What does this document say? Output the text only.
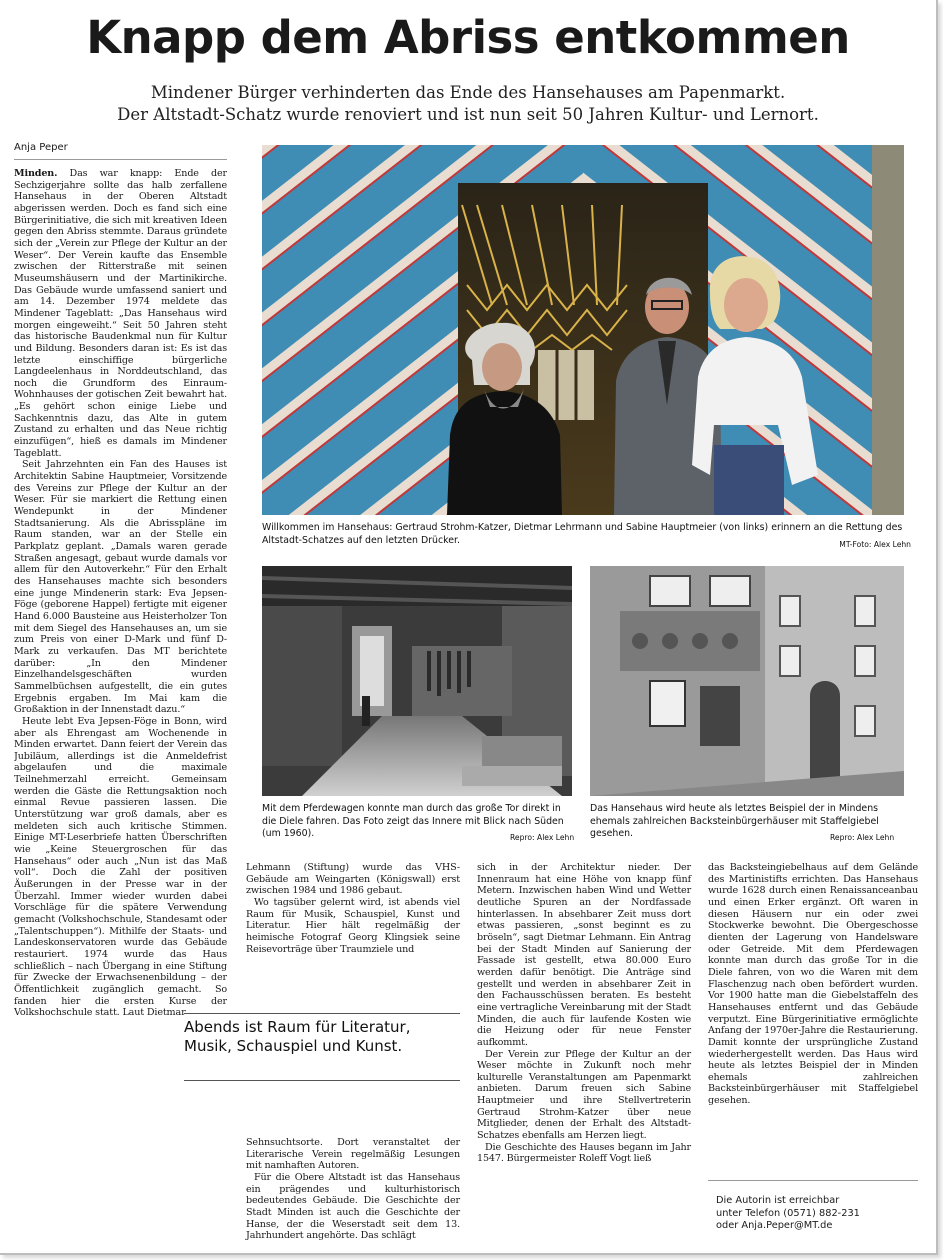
Knapp dem Abriss entkommen
Mindener Bürger verhinderten das Ende des Hansehauses am Papenmarkt.
Der Altstadt-Schatz wurde renoviert und ist nun seit 50 Jahren Kultur- und Lernort.
Anja Peper

Minden. Das war knapp: Ende der Sechzigerjahre sollte das halb zerfallene Hansehaus in der Oberen Altstadt abgerissen werden. Doch es fand sich eine Bürgerinitiative, die sich mit kreativen Ideen gegen den Abriss stemmte. Daraus gründete sich der „Verein zur Pflege der Kultur an der Weser“. Der Verein kaufte das Ensemble zwischen der Ritterstraße mit seinen Museumshäusern und der Martinikirche. Das Gebäude wurde umfassend saniert und am 14. Dezember 1974 meldete das Mindener Tageblatt: „Das Hansehaus wird morgen eingeweiht.“ Seit 50 Jahren steht das historische Baudenkmal nun für Kultur und Bildung. Besonders daran ist: Es ist das letzte einschiffige bürgerliche Langdeelenhaus in Norddeutschland, das noch die Grundform des Einraum-Wohnhauses der gotischen Zeit bewahrt hat. „Es gehört schon einige Liebe und Sachkenntnis dazu, das Alte in gutem Zustand zu erhalten und das Neue richtig einzufügen“, hieß es damals im Mindener Tageblatt.

Seit Jahrzehnten ein Fan des Hauses ist Architektin Sabine Hauptmeier, Vorsitzende des Vereins zur Pflege der Kultur an der Weser. Für sie markiert die Rettung einen Wendepunkt in der Mindener Stadtsanierung. Als die Abrisspläne im Raum standen, war an der Stelle ein Parkplatz geplant. „Damals waren gerade Straßen angesagt, gebaut wurde damals vor allem für den Autoverkehr.“ Für den Erhalt des Hansehauses machte sich besonders eine junge Mindenerin stark: Eva Jepsen-Föge (geborene Happel) fertigte mit eigener Hand 6.000 Bausteine aus Heisterholzer Ton mit dem Siegel des Hansehauses an, um sie zum Preis von einer D-Mark und fünf D-Mark zu verkaufen. Das MT berichtete darüber: „In den Mindener Einzelhandelsgeschäften wurden Sammelbüchsen aufgestellt, die ein gutes Ergebnis ergaben. Im Mai kam die Großaktion in der Innenstadt dazu.“

Heute lebt Eva Jepsen-Föge in Bonn, wird aber als Ehrengast am Wochenende in Minden erwartet. Dann feiert der Verein das Jubiläum, allerdings ist die Anmeldefrist abgelaufen und die maximale Teilnehmerzahl erreicht. Gemeinsam werden die Gäste die Rettungsaktion noch einmal Revue passieren lassen. Die Unterstützung war groß damals, aber es meldeten sich auch kritische Stimmen. Einige MT-Leserbriefe hatten Überschriften wie „Keine Steuergroschen für das Hansehaus“ oder auch „Nun ist das Maß voll“. Doch die Zahl der positiven Äußerungen in der Presse war in der Überzahl. Immer wieder wurden dabei Vorschläge für die spätere Verwendung gemacht (Volkshochschule, Standesamt oder „Talentschuppen“). Mithilfe der Staats- und Landeskonservatoren wurde das Gebäude restauriert. 1974 wurde das Haus schließlich – nach Übergang in eine Stiftung für Zwecke der Erwachsenenbildung – der Öffentlichkeit zugänglich gemacht. So fanden hier die ersten Kurse der Volkshochschule statt. Laut Dietmar

Willkommen im Hansehaus: Gertraud Strohm-Katzer, Dietmar Lehrmann und Sabine Hauptmeier (von links) erinnern an die Rettung des Altstadt-Schatzes auf den letzten Drücker.	MT-Foto: Alex Lehn
Mit dem Pferdewagen konnte man durch das große Tor direkt in die Diele fahren. Das Foto zeigt das Innere mit Blick nach Süden (um 1960).	Repro: Alex Lehn
Das Hansehaus wird heute als letztes Beispiel der in Mindens ehemals zahlreichen Backsteinbürgerhäuser mit Staffelgiebel gesehen.	Repro: Alex Lehn

Lehmann (Stiftung) wurde das VHS-Gebäude am Weingarten (Königswall) erst zwischen 1984 und 1986 gebaut.

Wo tagsüber gelernt wird, ist abends viel Raum für Musik, Schauspiel, Kunst und Literatur. Hier hält regelmäßig der heimische Fotograf Georg Klingsiek seine Reisevorträge über Traumziele und

Abends ist Raum für Literatur, Musik, Schauspiel und Kunst.

Sehnsuchtsorte. Dort veranstaltet der Literarische Verein regelmäßig Lesungen mit namhaften Autoren.

Für die Obere Altstadt ist das Hansehaus ein prägendes und kulturhistorisch bedeutendes Gebäude. Die Geschichte der Stadt Minden ist auch die Geschichte der Hanse, der die Weserstadt seit dem 13. Jahrhundert angehörte. Das schlägt

sich in der Architektur nieder. Der Innenraum hat eine Höhe von knapp fünf Metern. Inzwischen haben Wind und Wetter deutliche Spuren an der Nordfassade hinterlassen. In absehbarer Zeit muss dort etwas passieren, „sonst beginnt es zu bröseln“, sagt Dietmar Lehmann. Ein Antrag bei der Stadt Minden auf Sanierung der Fassade ist gestellt, etwa 80.000 Euro werden dafür benötigt. Die Anträge sind gestellt und werden in absehbarer Zeit in den Fachausschüssen beraten. Es besteht eine vertragliche Vereinbarung mit der Stadt Minden, die auch für laufende Kosten wie die Heizung oder für neue Fenster aufkommt.

Der Verein zur Pflege der Kultur an der Weser möchte in Zukunft noch mehr kulturelle Veranstaltungen am Papenmarkt anbieten. Darum freuen sich Sabine Hauptmeier und ihre Stellvertreterin Gertraud Strohm-Katzer über neue Mitglieder, denen der Erhalt des Altstadt-Schatzes ebenfalls am Herzen liegt.

Die Geschichte des Hauses begann im Jahr 1547. Bürgermeister Roleff Vogt ließ

das Backsteingiebelhaus auf dem Gelände des Martinistifts errichten. Das Hansehaus wurde 1628 durch einen Renaissanceanbau und einen Erker ergänzt. Oft waren in diesen Häusern nur ein oder zwei Stockwerke bewohnt. Die Obergeschosse dienten der Lagerung von Handelsware oder Getreide. Mit dem Pferdewagen konnte man durch das große Tor in die Diele fahren, von wo die Waren mit dem Flaschenzug nach oben befördert wurden. Vor 1900 hatte man die Giebelstaffeln des Hansehauses entfernt und das Gebäude verputzt. Eine Bürgerinitiative ermöglichte Anfang der 1970er-Jahre die Restaurierung. Damit konnte der ursprüngliche Zustand wiederhergestellt werden. Das Haus wird heute als letztes Beispiel der in Minden ehemals zahlreichen Backsteinbürgerhäuser mit Staffelgiebel gesehen.

Die Autorin ist erreichbar
unter Telefon (0571) 882-231
oder Anja.Peper@MT.de
